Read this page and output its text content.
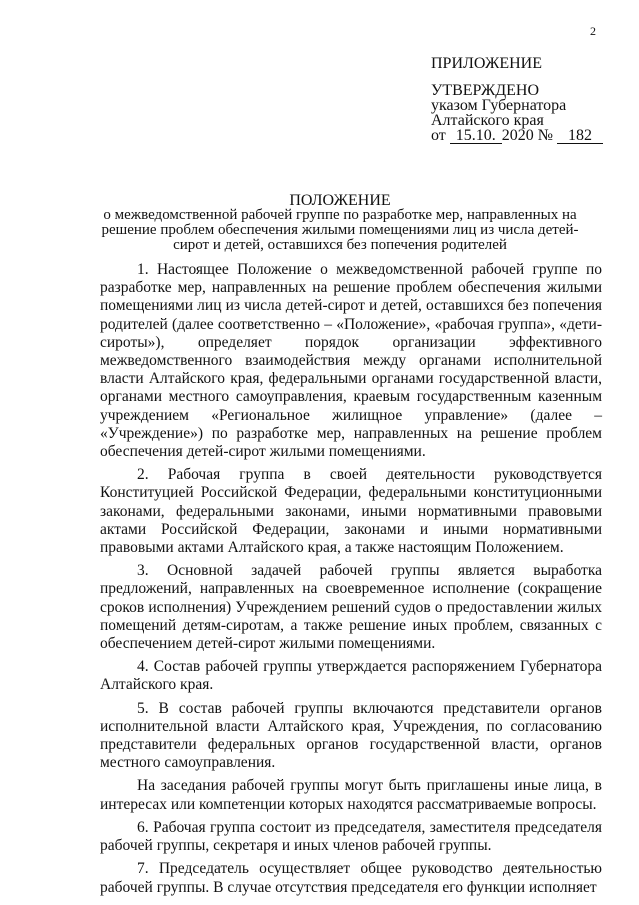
2
ПРИЛОЖЕНИЕ
УТВЕРЖДЕНО
указом Губернатора
Алтайского края
от 15.10. 2020 № 182
ПОЛОЖЕНИЕ
о межведомственной рабочей группе по разработке мер, направленных на решение проблем обеспечения жилыми помещениями лиц из числа детей-сирот и детей, оставшихся без попечения родителей

1. Настоящее Положение о межведомственной рабочей группе по разработке мер, направленных на решение проблем обеспечения жилыми помещениями лиц из числа детей-сирот и детей, оставшихся без попечения родителей (далее соответственно – «Положение», «рабочая группа», «дети-сироты»), определяет порядок организации эффективного межведомственного взаимодействия между органами исполнительной власти Алтайского края, федеральными органами государственной власти, органами местного самоуправления, краевым государственным казенным учреждением «Региональное жилищное управление» (далее – «Учреждение») по разработке мер, направленных на решение проблем обеспечения детей-сирот жилыми помещениями.

2. Рабочая группа в своей деятельности руководствуется Конституцией Российской Федерации, федеральными конституционными законами, федеральными законами, иными нормативными правовыми актами Российской Федерации, законами и иными нормативными правовыми актами Алтайского края, а также настоящим Положением.

3. Основной задачей рабочей группы является выработка предложений, направленных на своевременное исполнение (сокращение сроков исполнения) Учреждением решений судов о предоставлении жилых помещений детям-сиротам, а также решение иных проблем, связанных с обеспечением детей-сирот жилыми помещениями.

4. Состав рабочей группы утверждается распоряжением Губернатора Алтайского края.

5. В состав рабочей группы включаются представители органов исполнительной власти Алтайского края, Учреждения, по согласованию представители федеральных органов государственной власти, органов местного самоуправления.

На заседания рабочей группы могут быть приглашены иные лица, в интересах или компетенции которых находятся рассматриваемые вопросы.

6. Рабочая группа состоит из председателя, заместителя председателя рабочей группы, секретаря и иных членов рабочей группы.

7. Председатель осуществляет общее руководство деятельностью рабочей группы. В случае отсутствия председателя его функции исполняет
